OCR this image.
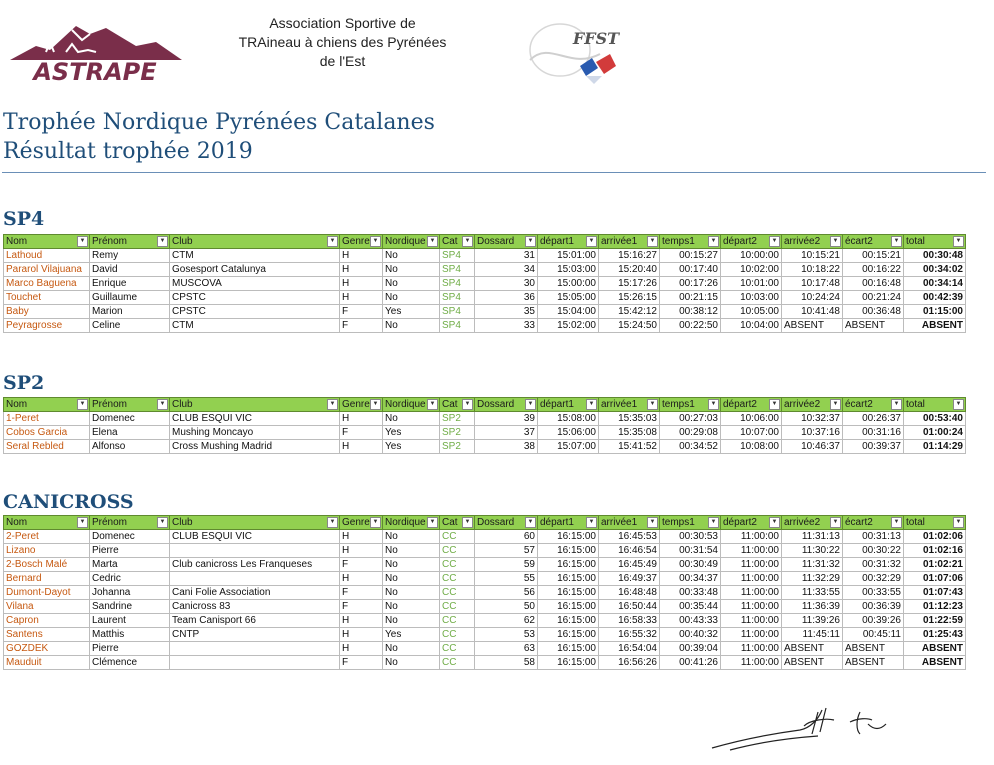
ASTRAPE
Association Sportive de
TRAineau à chiens des Pyrénées
de l'Est
FFST
Trophée Nordique Pyrénées Catalanes
Résultat trophée 2019
SP4
SP2
CANICROSS
Nom ▼	Prénom ▼	Club ▼	Genre ▼	Nordique ▼	Cat ▼	Dossard ▼	départ1 ▼	arrivée1 ▼	temps1 ▼	départ2 ▼	arrivée2 ▼	écart2 ▼	total ▼

Lathoud	Remy	CTM	H	No	SP4	31	15:01:00	15:16:27	00:15:27	10:00:00	10:15:21	00:15:21	00:30:48
Pararol Vilajuana	David	Gosesport Catalunya	H	No	SP4	34	15:03:00	15:20:40	00:17:40	10:02:00	10:18:22	00:16:22	00:34:02
Marco Baguena	Enrique	MUSCOVA	H	No	SP4	30	15:00:00	15:17:26	00:17:26	10:01:00	10:17:48	00:16:48	00:34:14
Touchet	Guillaume	CPSTC	H	No	SP4	36	15:05:00	15:26:15	00:21:15	10:03:00	10:24:24	00:21:24	00:42:39
Baby	Marion	CPSTC	F	Yes	SP4	35	15:04:00	15:42:12	00:38:12	10:05:00	10:41:48	00:36:48	01:15:00
Peyragrosse	Celine	CTM	F	No	SP4	33	15:02:00	15:24:50	00:22:50	10:04:00	ABSENT	ABSENT	ABSENT
Nom ▼	Prénom ▼	Club ▼	Genre ▼	Nordique ▼	Cat ▼	Dossard ▼	départ1 ▼	arrivée1 ▼	temps1 ▼	départ2 ▼	arrivée2 ▼	écart2 ▼	total ▼

1-Peret	Domenec	CLUB ESQUI VIC	H	No	SP2	39	15:08:00	15:35:03	00:27:03	10:06:00	10:32:37	00:26:37	00:53:40
Cobos Garcia	Elena	Mushing Moncayo	F	Yes	SP2	37	15:06:00	15:35:08	00:29:08	10:07:00	10:37:16	00:31:16	01:00:24
Seral Rebled	Alfonso	Cross Mushing Madrid	H	Yes	SP2	38	15:07:00	15:41:52	00:34:52	10:08:00	10:46:37	00:39:37	01:14:29
Nom ▼	Prénom ▼	Club ▼	Genre ▼	Nordique ▼	Cat ▼	Dossard ▼	départ1 ▼	arrivée1 ▼	temps1 ▼	départ2 ▼	arrivée2 ▼	écart2 ▼	total ▼

2-Peret	Domenec	CLUB ESQUI VIC	H	No	CC	60	16:15:00	16:45:53	00:30:53	11:00:00	11:31:13	00:31:13	01:02:06
Lizano	Pierre		H	No	CC	57	16:15:00	16:46:54	00:31:54	11:00:00	11:30:22	00:30:22	01:02:16
2-Bosch Malé	Marta	Club canicross Les Franqueses	F	No	CC	59	16:15:00	16:45:49	00:30:49	11:00:00	11:31:32	00:31:32	01:02:21
Bernard	Cedric		H	No	CC	55	16:15:00	16:49:37	00:34:37	11:00:00	11:32:29	00:32:29	01:07:06
Dumont-Dayot	Johanna	Cani Folie Association	F	No	CC	56	16:15:00	16:48:48	00:33:48	11:00:00	11:33:55	00:33:55	01:07:43
Vilana	Sandrine	Canicross 83	F	No	CC	50	16:15:00	16:50:44	00:35:44	11:00:00	11:36:39	00:36:39	01:12:23
Capron	Laurent	Team Canisport 66	H	No	CC	62	16:15:00	16:58:33	00:43:33	11:00:00	11:39:26	00:39:26	01:22:59
Santens	Matthis	CNTP	H	Yes	CC	53	16:15:00	16:55:32	00:40:32	11:00:00	11:45:11	00:45:11	01:25:43
GOZDEK	Pierre		H	No	CC	63	16:15:00	16:54:04	00:39:04	11:00:00	ABSENT	ABSENT	ABSENT
Mauduit	Clémence		F	No	CC	58	16:15:00	16:56:26	00:41:26	11:00:00	ABSENT	ABSENT	ABSENT
